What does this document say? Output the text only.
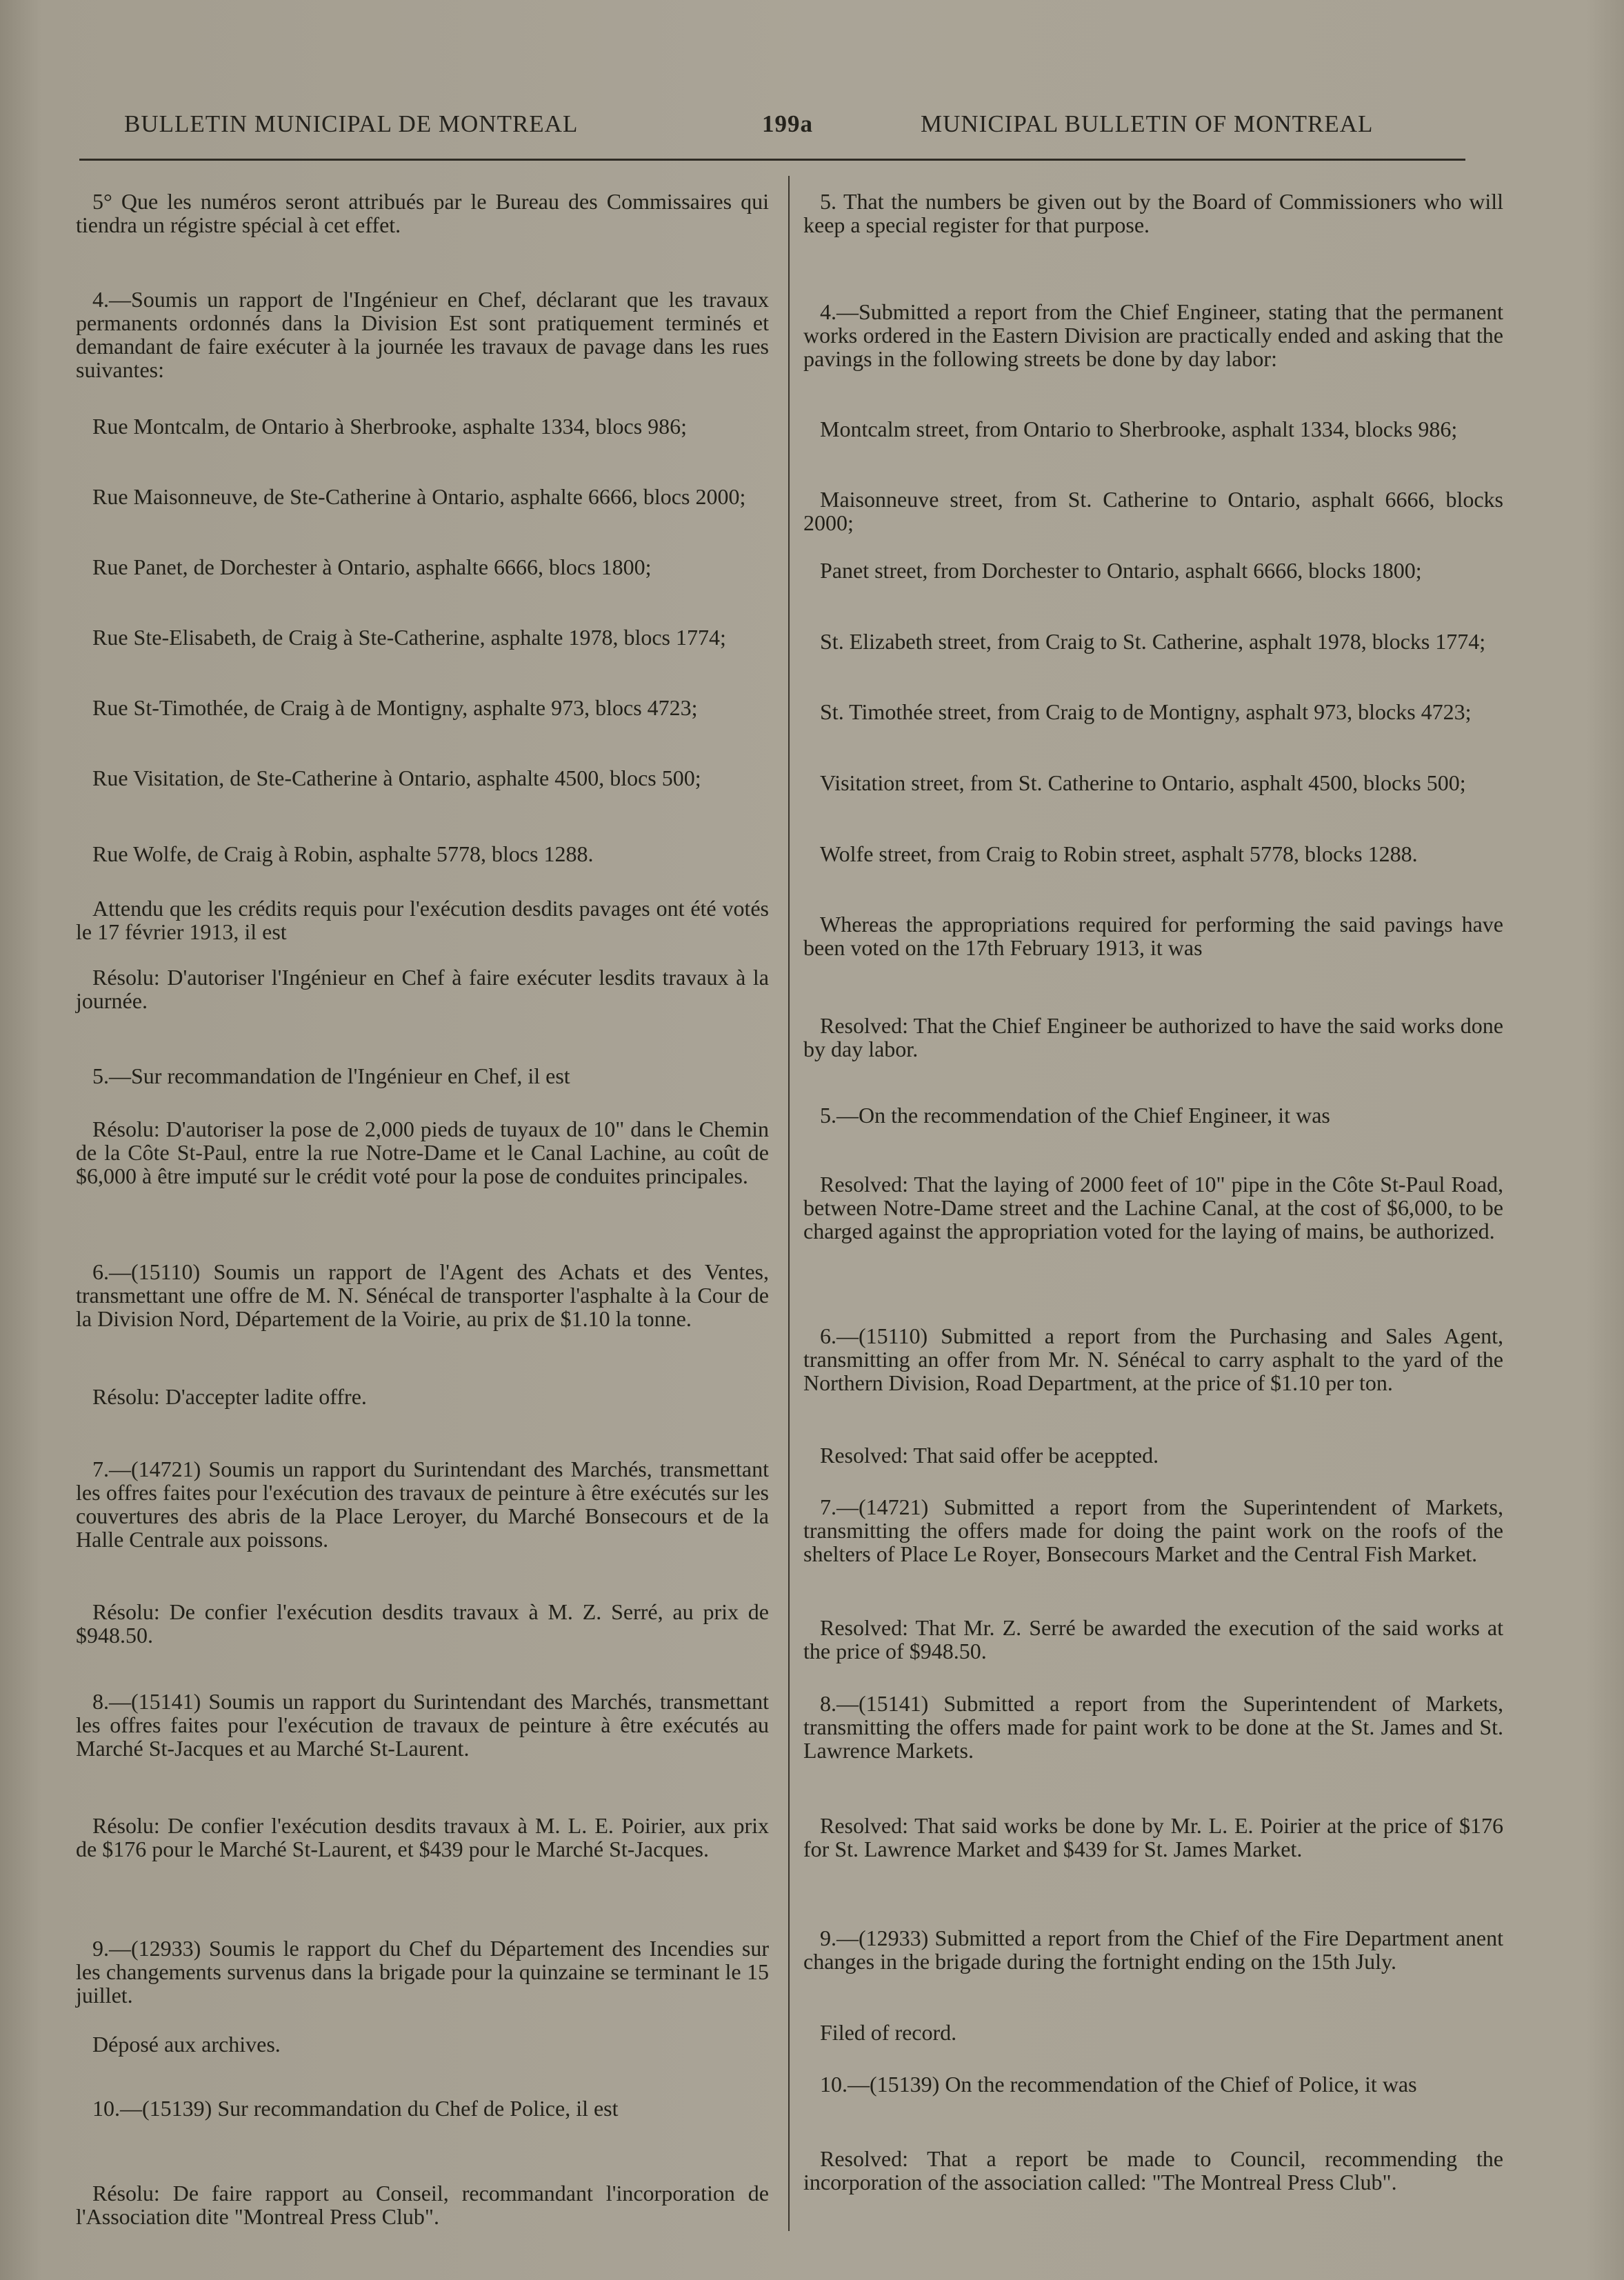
BULLETIN MUNICIPAL DE MONTREAL	199a	MUNICIPAL BULLETIN OF MONTREAL

5° Que les numéros seront attribués par le Bureau des Commissaires qui tiendra un régistre spécial à cet effet.

4.—Soumis un rapport de l'Ingénieur en Chef, déclarant que les travaux permanents ordonnés dans la Division Est sont pratiquement terminés et demandant de faire exécuter à la journée les travaux de pavage dans les rues suivantes:

Rue Montcalm, de Ontario à Sherbrooke, asphalte 1334, blocs 986;

Rue Maisonneuve, de Ste-Catherine à Ontario, asphalte 6666, blocs 2000;

Rue Panet, de Dorchester à Ontario, asphalte 6666, blocs 1800;

Rue Ste-Elisabeth, de Craig à Ste-Catherine, asphalte 1978, blocs 1774;

Rue St-Timothée, de Craig à de Montigny, asphalte 973, blocs 4723;

Rue Visitation, de Ste-Catherine à Ontario, asphalte 4500, blocs 500;

Rue Wolfe, de Craig à Robin, asphalte 5778, blocs 1288.

Attendu que les crédits requis pour l'exécution desdits pavages ont été votés le 17 février 1913, il est

Résolu: D'autoriser l'Ingénieur en Chef à faire exécuter lesdits travaux à la journée.

5.—Sur recommandation de l'Ingénieur en Chef, il est

Résolu: D'autoriser la pose de 2,000 pieds de tuyaux de 10" dans le Chemin de la Côte St-Paul, entre la rue Notre-Dame et le Canal Lachine, au coût de $6,000 à être imputé sur le crédit voté pour la pose de conduites principales.

6.—(15110) Soumis un rapport de l'Agent des Achats et des Ventes, transmettant une offre de M. N. Sénécal de transporter l'asphalte à la Cour de la Division Nord, Département de la Voirie, au prix de $1.10 la tonne.

Résolu: D'accepter ladite offre.

7.—(14721) Soumis un rapport du Surintendant des Marchés, transmettant les offres faites pour l'exécution des travaux de peinture à être exécutés sur les couvertures des abris de la Place Leroyer, du Marché Bonsecours et de la Halle Centrale aux poissons.

Résolu: De confier l'exécution desdits travaux à M. Z. Serré, au prix de $948.50.

8.—(15141) Soumis un rapport du Surintendant des Marchés, transmettant les offres faites pour l'exécution de travaux de peinture à être exécutés au Marché St-Jacques et au Marché St-Laurent.

Résolu: De confier l'exécution desdits travaux à M. L. E. Poirier, aux prix de $176 pour le Marché St-Laurent, et $439 pour le Marché St-Jacques.

9.—(12933) Soumis le rapport du Chef du Département des Incendies sur les changements survenus dans la brigade pour la quinzaine se terminant le 15 juillet.

Déposé aux archives.

10.—(15139) Sur recommandation du Chef de Police, il est

Résolu: De faire rapport au Conseil, recommandant l'incorporation de l'Association dite "Montreal Press Club".

5. That the numbers be given out by the Board of Commissioners who will keep a special register for that purpose.

4.—Submitted a report from the Chief Engineer, stating that the permanent works ordered in the Eastern Division are practically ended and asking that the pavings in the following streets be done by day labor:

Montcalm street, from Ontario to Sherbrooke, asphalt 1334, blocks 986;

Maisonneuve street, from St. Catherine to Ontario, asphalt 6666, blocks 2000;

Panet street, from Dorchester to Ontario, asphalt 6666, blocks 1800;

St. Elizabeth street, from Craig to St. Catherine, asphalt 1978, blocks 1774;

St. Timothée street, from Craig to de Montigny, asphalt 973, blocks 4723;

Visitation street, from St. Catherine to Ontario, asphalt 4500, blocks 500;

Wolfe street, from Craig to Robin street, asphalt 5778, blocks 1288.

Whereas the appropriations required for performing the said pavings have been voted on the 17th February 1913, it was

Resolved: That the Chief Engineer be authorized to have the said works done by day labor.

5.—On the recommendation of the Chief Engineer, it was

Resolved: That the laying of 2000 feet of 10" pipe in the Côte St-Paul Road, between Notre-Dame street and the Lachine Canal, at the cost of $6,000, to be charged against the appropriation voted for the laying of mains, be authorized.

6.—(15110) Submitted a report from the Purchasing and Sales Agent, transmitting an offer from Mr. N. Sénécal to carry asphalt to the yard of the Northern Division, Road Department, at the price of $1.10 per ton.

Resolved: That said offer be aceppted.

7.—(14721) Submitted a report from the Superintendent of Markets, transmitting the offers made for doing the paint work on the roofs of the shelters of Place Le Royer, Bonsecours Market and the Central Fish Market.

Resolved: That Mr. Z. Serré be awarded the execution of the said works at the price of $948.50.

8.—(15141) Submitted a report from the Superintendent of Markets, transmitting the offers made for paint work to be done at the St. James and St. Lawrence Markets.

Resolved: That said works be done by Mr. L. E. Poirier at the price of $176 for St. Lawrence Market and $439 for St. James Market.

9.—(12933) Submitted a report from the Chief of the Fire Department anent changes in the brigade during the fortnight ending on the 15th July.

Filed of record.

10.—(15139) On the recommendation of the Chief of Police, it was

Resolved: That a report be made to Council, recommending the incorporation of the association called: "The Montreal Press Club".
